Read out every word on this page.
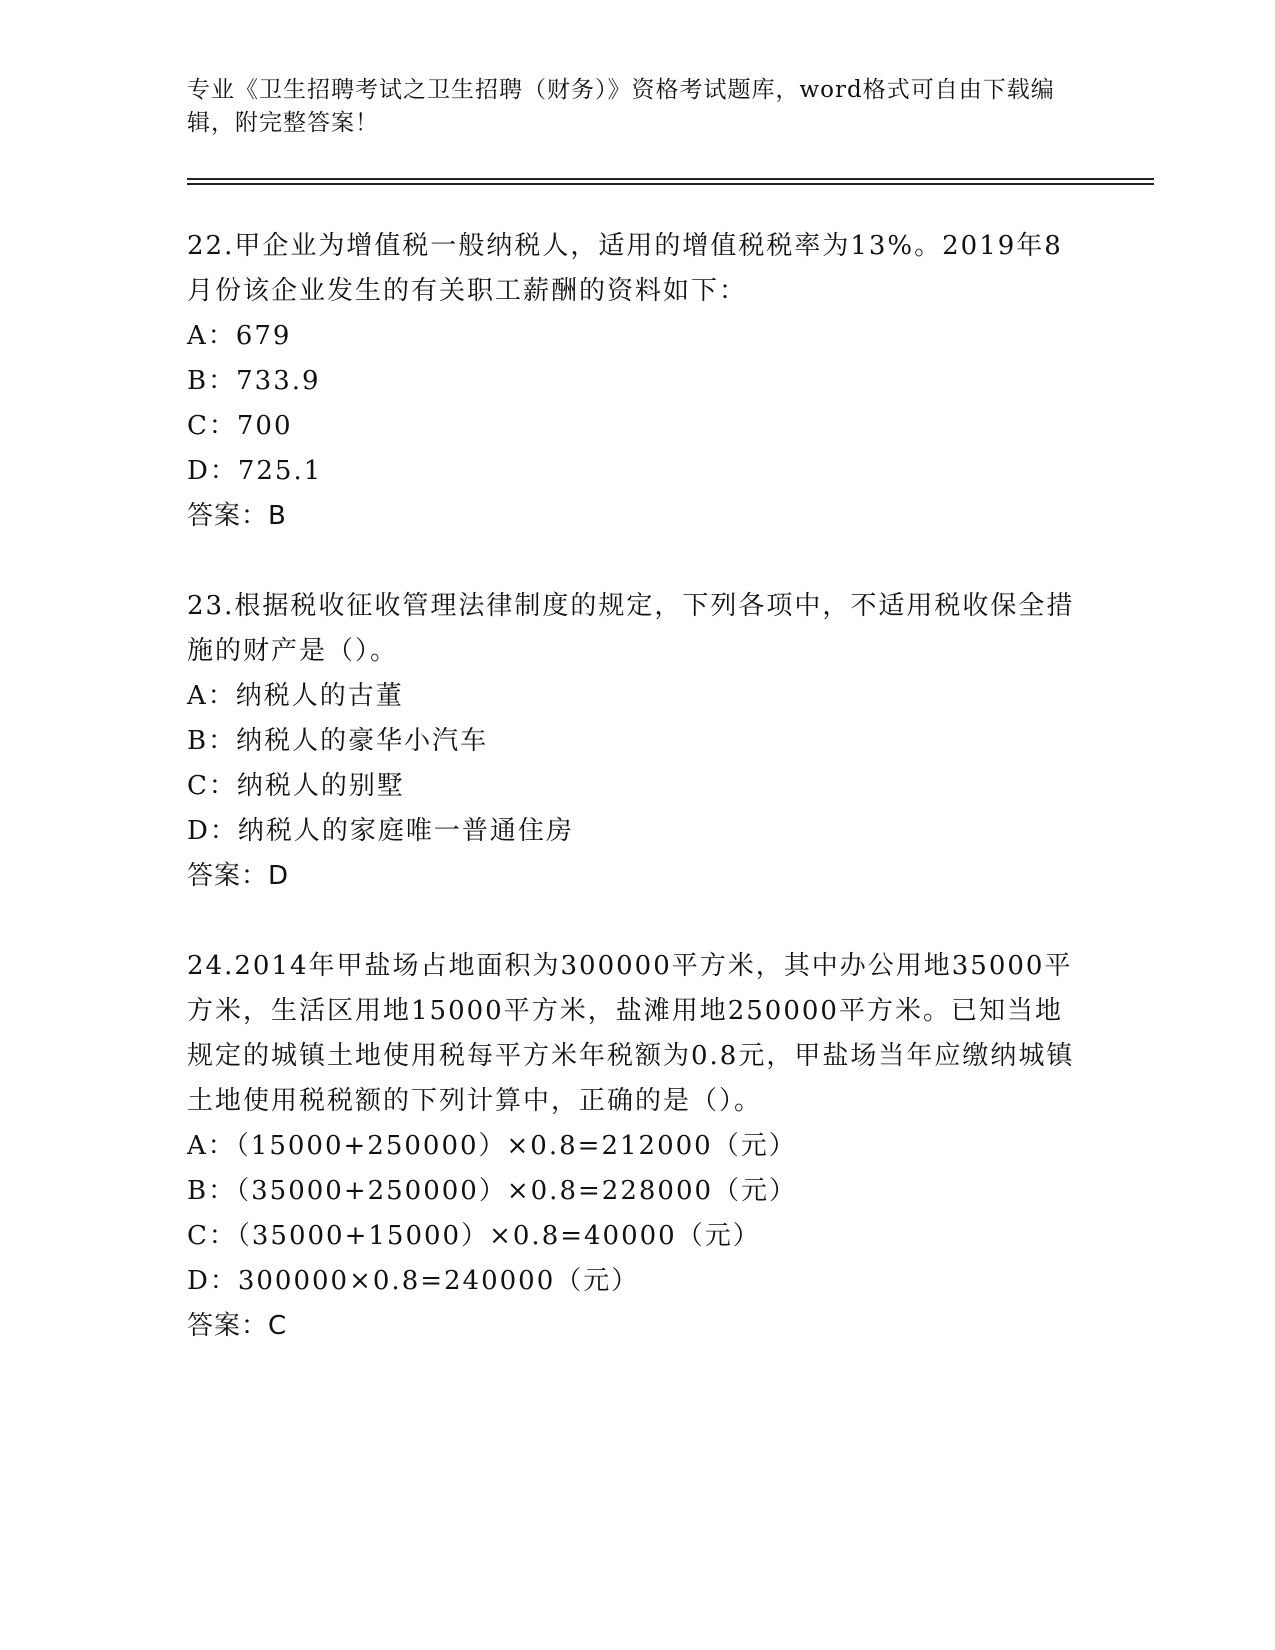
专业《卫生招聘考试之卫生招聘（财务）》资格考试题库，word格式可自由下载编辑，附完整答案！

22.甲企业为增值税一般纳税人，适用的增值税税率为13%。2019年8月份该企业发生的有关职工薪酬的资料如下：

A：679

B：733.9

C：700

D：725.1

答案：B

23.根据税收征收管理法律制度的规定，下列各项中，不适用税收保全措施的财产是（）。

A：纳税人的古董

B：纳税人的豪华小汽车

C：纳税人的别墅

D：纳税人的家庭唯一普通住房

答案：D

24.2014年甲盐场占地面积为300000平方米，其中办公用地35000平方米，生活区用地15000平方米，盐滩用地250000平方米。已知当地规定的城镇土地使用税每平方米年税额为0.8元，甲盐场当年应缴纳城镇土地使用税税额的下列计算中，正确的是（）。

A：（15000+250000）×0.8=212000（元）

B：（35000+250000）×0.8=228000（元）

C：（35000+15000）×0.8=40000（元）

D：300000×0.8=240000（元）

答案：C
